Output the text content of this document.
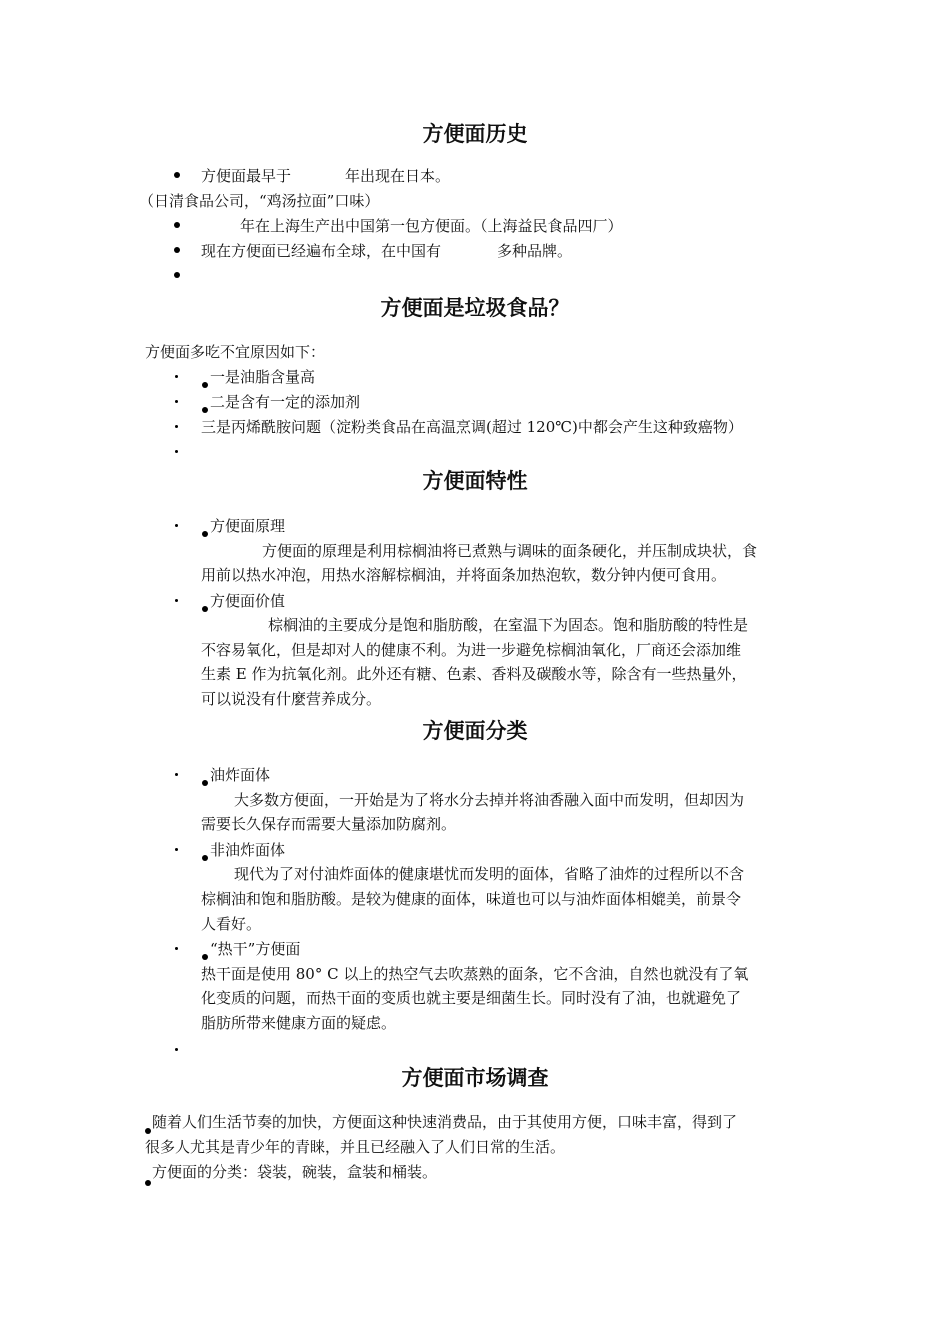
方便面历史
方便面最早于	年出现在日本。
（日清食品公司，“鸡汤拉面”口味）
年在上海生产出中国第一包方便面。（上海益民食品四厂）
现在方便面已经遍布全球，在中国有	多种品牌。
方便面是垃圾食品？
方便面多吃不宜原因如下：
一是油脂含量高
二是含有一定的添加剂
三是丙烯酰胺问题（淀粉类食品在高温烹调(超过 120℃)中都会产生这种致癌物）
方便面特性
方便面原理
方便面的原理是利用棕榈油将已煮熟与调味的面条硬化，并压制成块状，食
用前以热水冲泡，用热水溶解棕榈油，并将面条加热泡软，数分钟内便可食用。
方便面价值
棕榈油的主要成分是饱和脂肪酸，在室温下为固态。饱和脂肪酸的特性是
不容易氧化，但是却对人的健康不利。为进一步避免棕榈油氧化，厂商还会添加维
生素 E 作为抗氧化剂。此外还有糖、色素、香料及碳酸水等，除含有一些热量外，
可以说没有什麼营养成分。
方便面分类
油炸面体
大多数方便面，一开始是为了将水分去掉并将油香融入面中而发明，但却因为
需要长久保存而需要大量添加防腐剂。
非油炸面体
现代为了对付油炸面体的健康堪忧而发明的面体，省略了油炸的过程所以不含
棕榈油和饱和脂肪酸。是较为健康的面体，味道也可以与油炸面体相媲美，前景令
人看好。
“热干”方便面
热干面是使用 80° C 以上的热空气去吹蒸熟的面条，它不含油，自然也就没有了氧
化变质的问题，而热干面的变质也就主要是细菌生长。同时没有了油，也就避免了
脂肪所带来健康方面的疑虑。
方便面市场调查
随着人们生活节奏的加快，方便面这种快速消费品，由于其使用方便，口味丰富，得到了
很多人尤其是青少年的青睐，并且已经融入了人们日常的生活。
方便面的分类：袋装，碗装，盒装和桶装。
